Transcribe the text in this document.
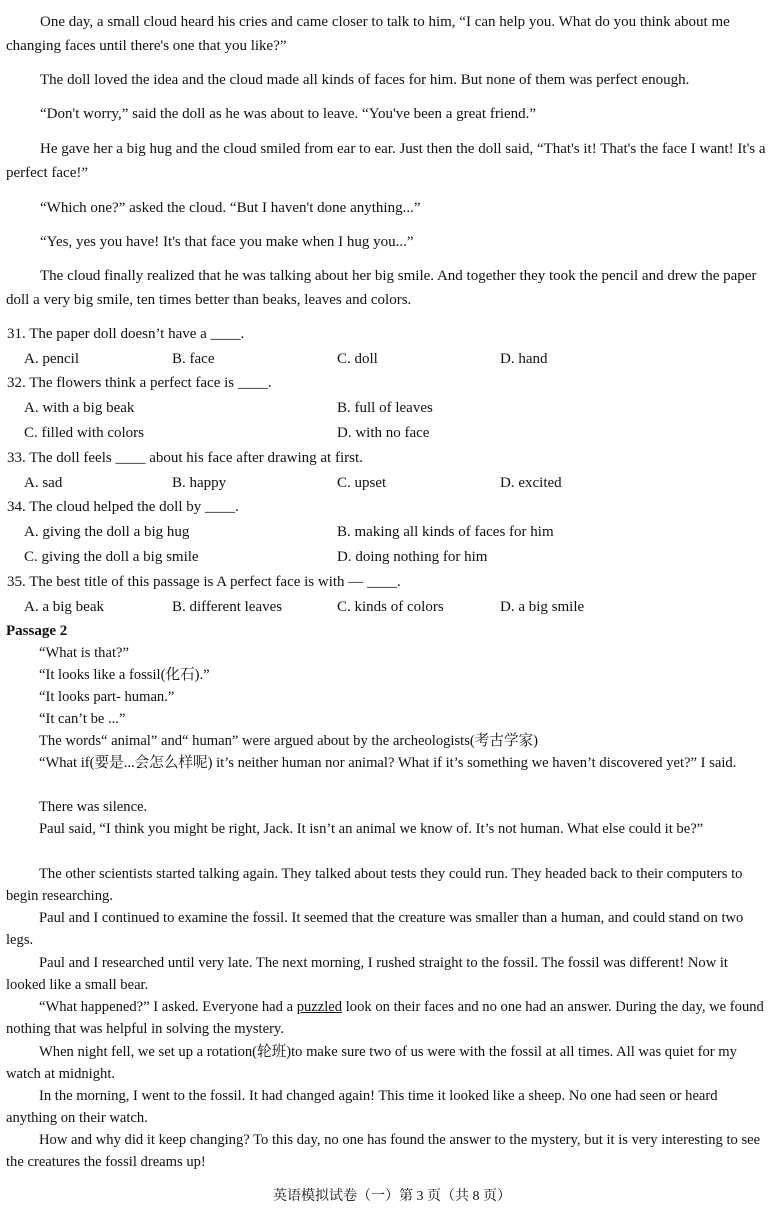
One day, a small cloud heard his cries and came closer to talk to him, “I can help you. What do you think about me changing faces until there's one that you like?”

The doll loved the idea and the cloud made all kinds of faces for him. But none of them was perfect enough.

“Don't worry,” said the doll as he was about to leave. “You've been a great friend.”

He gave her a big hug and the cloud smiled from ear to ear. Just then the doll said, “That's it! That's the face I want! It's a perfect face!”

“Which one?” asked the cloud. “But I haven't done anything...”

“Yes, yes you have! It's that face you make when I hug you...”

The cloud finally realized that he was talking about her big smile. And together they took the pencil and drew the paper doll a very big smile, ten times better than beaks, leaves and colors.

31. The paper doll doesn’t have a ____.

A. pencil	B. face	C. doll	D. hand

32. The flowers think a perfect face is ____.

A. with a big beak	B. full of leaves
C. filled with colors	D. with no face

33. The doll feels ____ about his face after drawing at first.

A. sad	B. happy	C. upset	D. excited

34. The cloud helped the doll by ____.

A. giving the doll a big hug	B. making all kinds of faces for him
C. giving the doll a big smile	D. doing nothing for him

35. The best title of this passage is A perfect face is with — ____.

A. a big beak	B. different leaves	C. kinds of colors	D. a big smile

Passage 2

“What is that?”

“It looks like a fossil(化石).”

“It looks part- human.”

“It can’t be ...”

The words“ animal” and“ human” were argued about by the archeologists(考古学家)

“What if(要是...会怎么样呢) it’s neither human nor animal? What if it’s something we haven’t discovered yet?” I said.

There was silence.

Paul said, “I think you might be right, Jack. It isn’t an animal we know of. It’s not human. What else could it be?”

The other scientists started talking again. They talked about tests they could run. They headed back to their computers to begin researching.

Paul and I continued to examine the fossil. It seemed that the creature was smaller than a human, and could stand on two legs.

Paul and I researched until very late. The next morning, I rushed straight to the fossil. The fossil was different! Now it looked like a small bear.

“What happened?” I asked. Everyone had a puzzled look on their faces and no one had an answer. During the day, we found nothing that was helpful in solving the mystery.

When night fell, we set up a rotation(轮班)to make sure two of us were with the fossil at all times. All was quiet for my watch at midnight.

In the morning, I went to the fossil. It had changed again! This time it looked like a sheep. No one had seen or heard anything on their watch.

How and why did it keep changing? To this day, no one has found the answer to the mystery, but it is very interesting to see the creatures the fossil dreams up!

英语模拟试卷（一）第 3 页（共 8 页）
